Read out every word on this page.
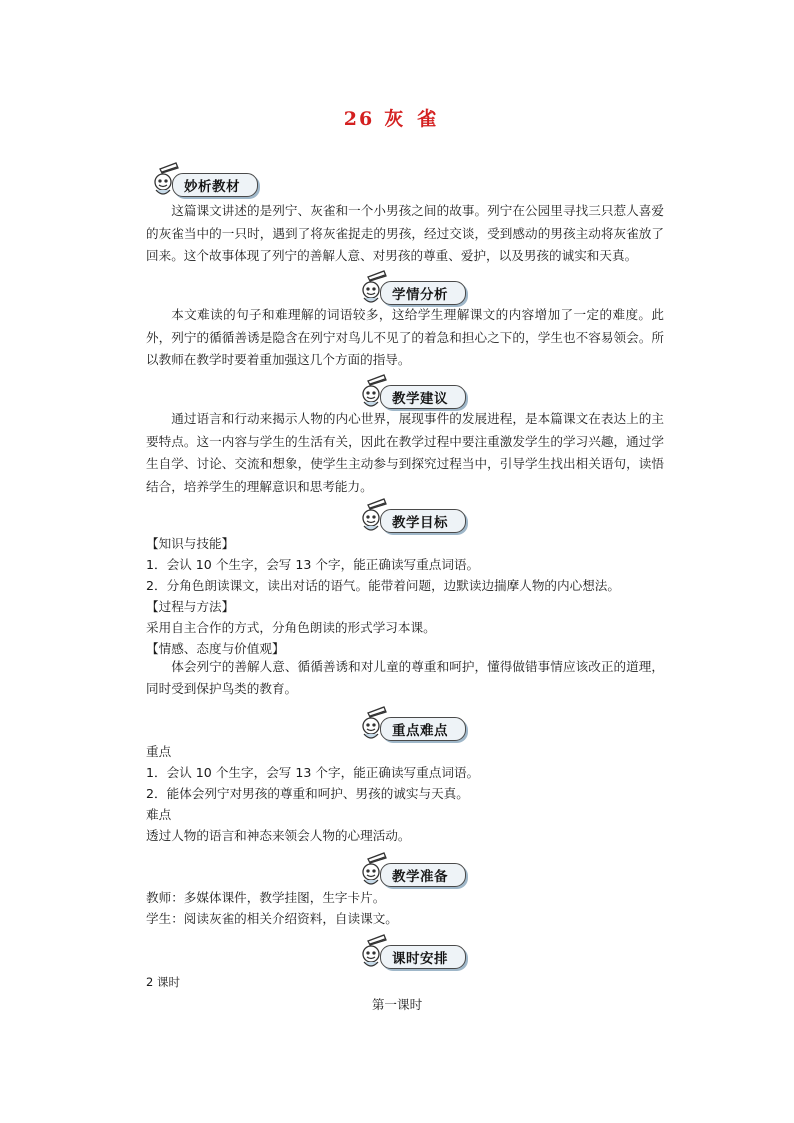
26 灰雀
妙析教材

这篇课文讲述的是列宁、灰雀和一个小男孩之间的故事。列宁在公园里寻找三只惹人喜爱的灰雀当中的一只时，遇到了将灰雀捉走的男孩，经过交谈，受到感动的男孩主动将灰雀放了回来。这个故事体现了列宁的善解人意、对男孩的尊重、爱护，以及男孩的诚实和天真。

学情分析

本文难读的句子和难理解的词语较多，这给学生理解课文的内容增加了一定的难度。此外，列宁的循循善诱是隐含在列宁对鸟儿不见了的着急和担心之下的，学生也不容易领会。所以教师在教学时要着重加强这几个方面的指导。

教学建议

通过语言和行动来揭示人物的内心世界，展现事件的发展进程，是本篇课文在表达上的主要特点。这一内容与学生的生活有关，因此在教学过程中要注重激发学生的学习兴趣，通过学生自学、讨论、交流和想象，使学生主动参与到探究过程当中，引导学生找出相关语句，读悟结合，培养学生的理解意识和思考能力。

教学目标
【知识与技能】
1．会认 10 个生字，会写 13 个字，能正确读写重点词语。
2．分角色朗读课文，读出对话的语气。能带着问题，边默读边揣摩人物的内心想法。
【过程与方法】
采用自主合作的方式，分角色朗读的形式学习本课。
【情感、态度与价值观】

体会列宁的善解人意、循循善诱和对儿童的尊重和呵护，懂得做错事情应该改正的道理，同时受到保护鸟类的教育。

重点难点
重点
1．会认 10 个生字，会写 13 个字，能正确读写重点词语。
2．能体会列宁对男孩的尊重和呵护、男孩的诚实与天真。
难点
透过人物的语言和神态来领会人物的心理活动。
教学准备
教师：多媒体课件，教学挂图，生字卡片。
学生：阅读灰雀的相关介绍资料，自读课文。
课时安排
2 课时
第一课时
